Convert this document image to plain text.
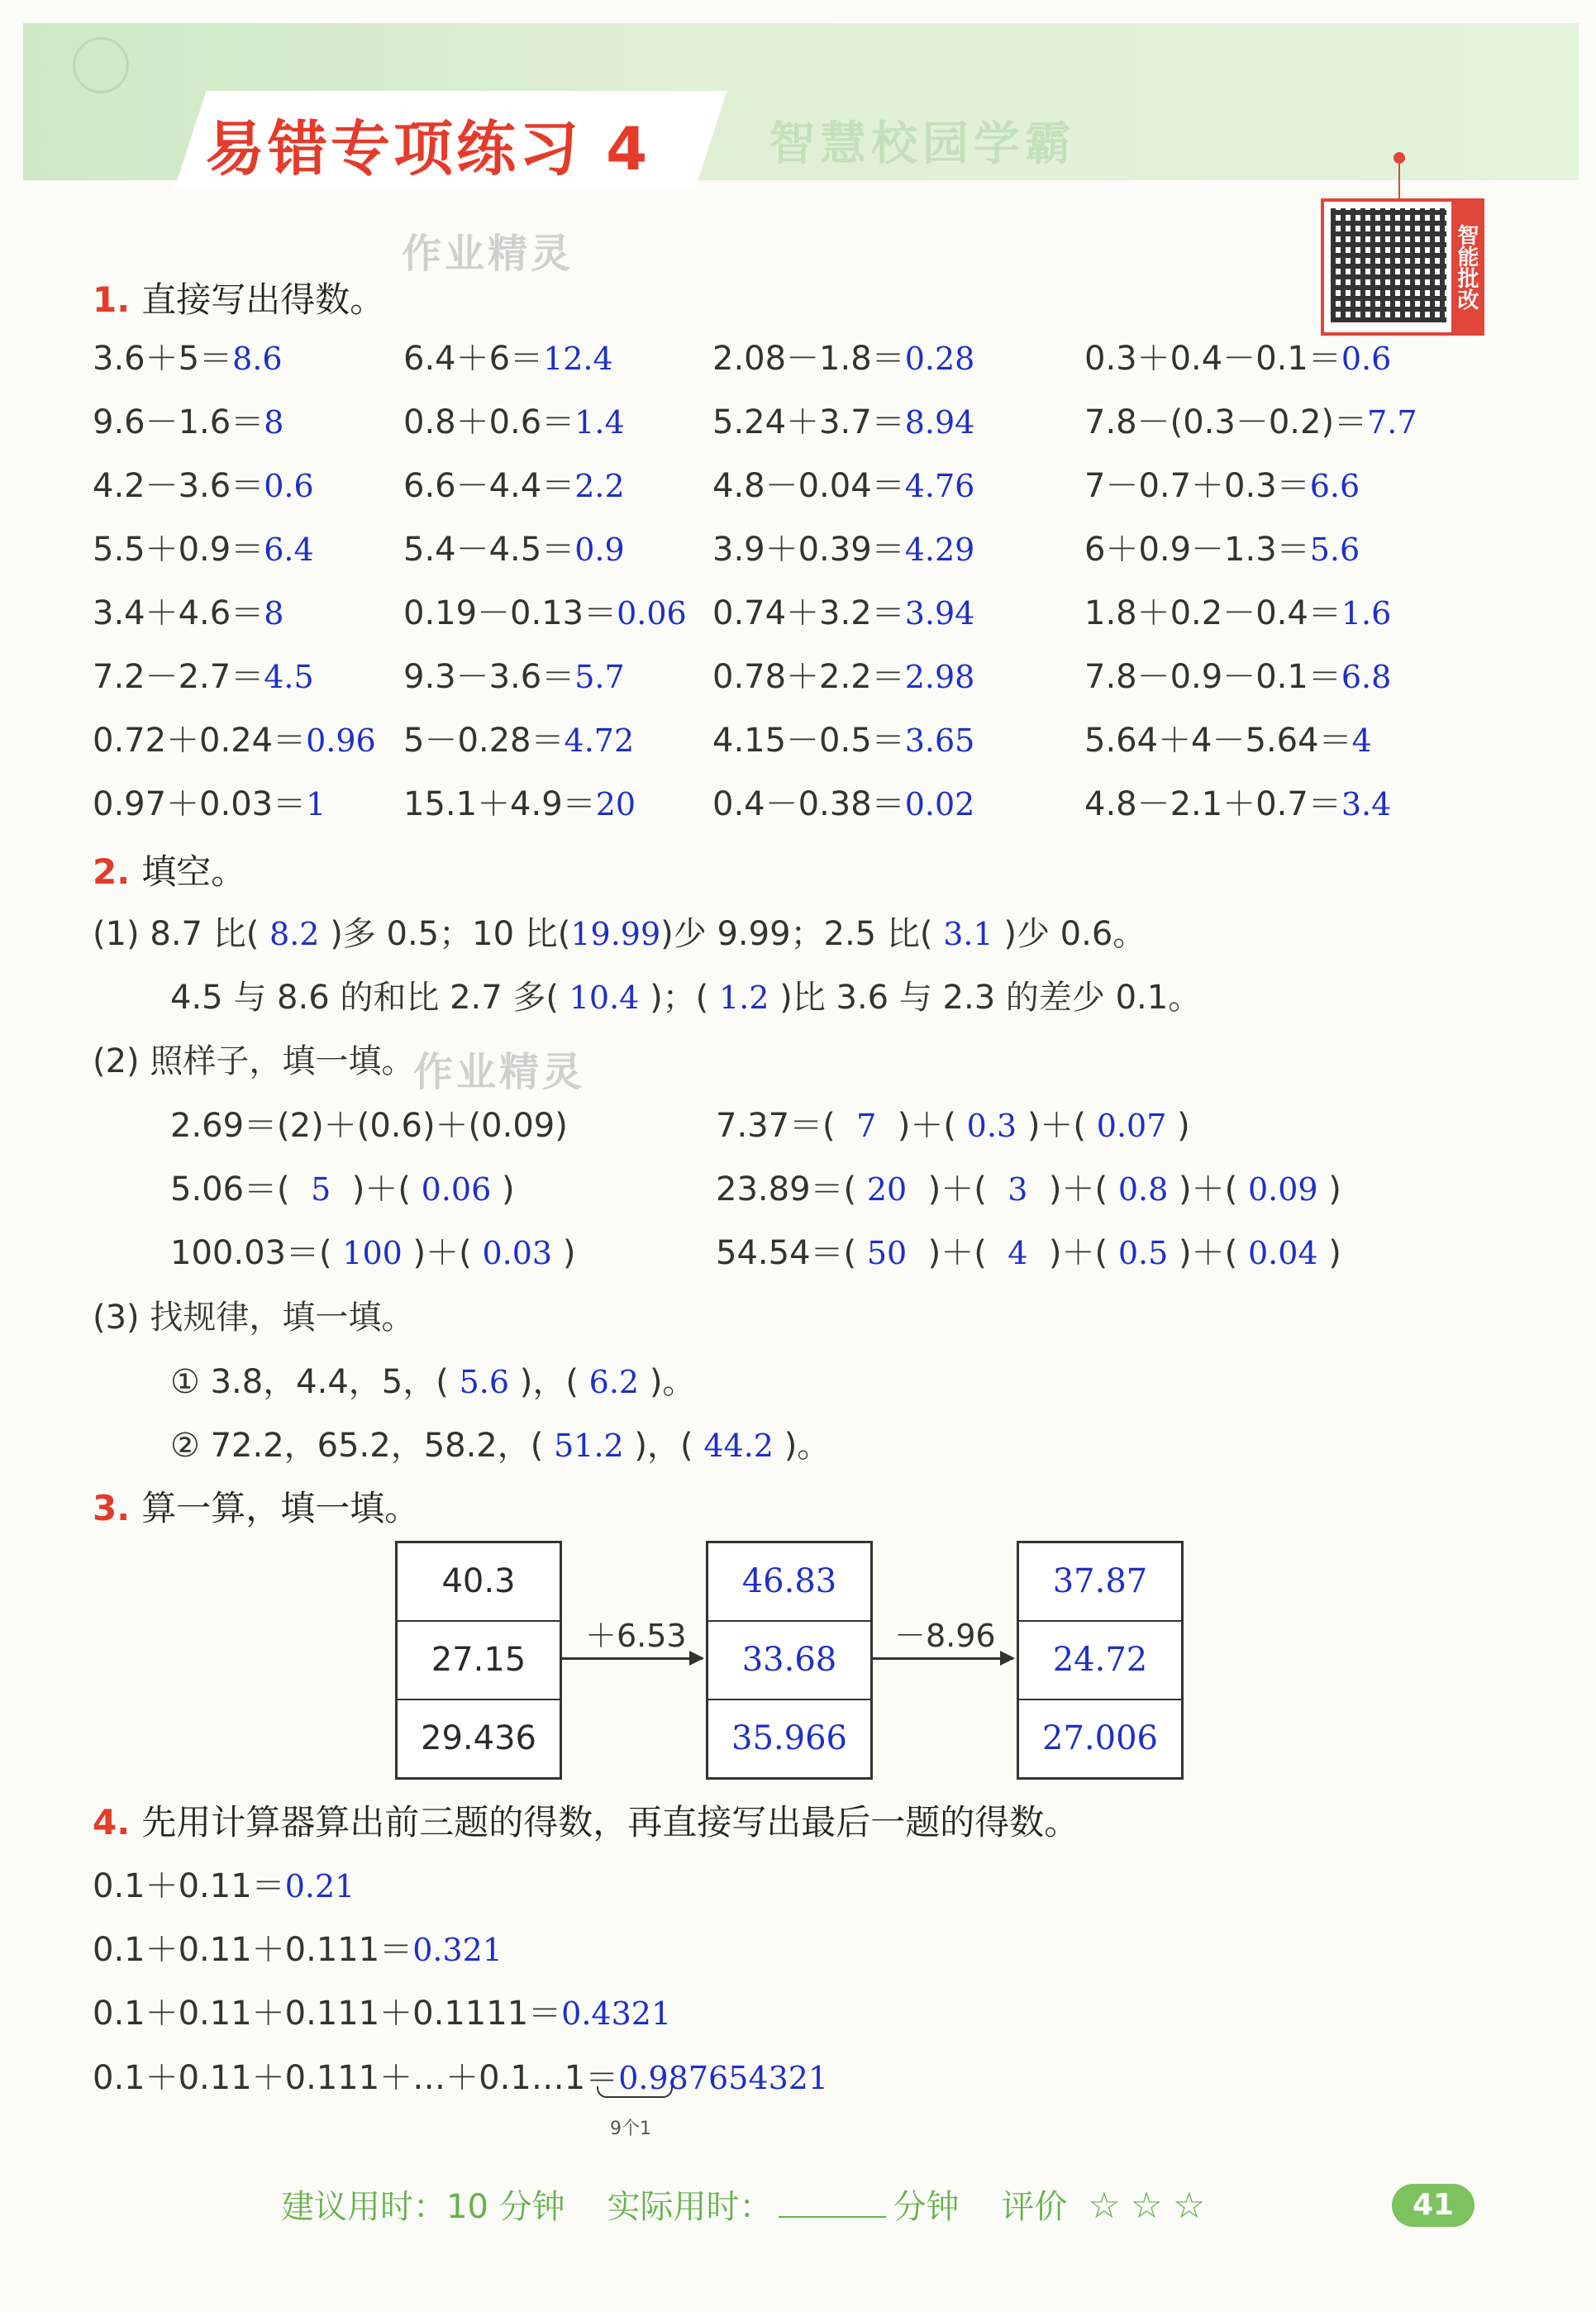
易错专项练习 4	智慧校园学霸
作业精灵
作业精灵
智能批改
1. 直接写出得数。
3.6＋5＝8.6	6.4＋6＝12.4	2.08－1.8＝0.28	0.3＋0.4－0.1＝0.6
9.6－1.6＝8	0.8＋0.6＝1.4	5.24＋3.7＝8.94	7.8－(0.3－0.2)＝7.7
4.2－3.6＝0.6	6.6－4.4＝2.2	4.8－0.04＝4.76	7－0.7＋0.3＝6.6
5.5＋0.9＝6.4	5.4－4.5＝0.9	3.9＋0.39＝4.29	6＋0.9－1.3＝5.6
3.4＋4.6＝8	0.19－0.13＝0.06 0.74＋3.2＝3.94	1.8＋0.2－0.4＝1.6
7.2－2.7＝4.5	9.3－3.6＝5.7	0.78＋2.2＝2.98	7.8－0.9－0.1＝6.8
0.72＋0.24＝0.96 5－0.28＝4.72 4.15－0.5＝3.65	5.64＋4－5.64＝4
0.97＋0.03＝1 15.1＋4.9＝20 0.4－0.38＝0.02	4.8－2.1＋0.7＝3.4
2. 填空。
(1) 8.7 比( 8.2 )多 0.5；10 比(19.99)少 9.99；2.5 比( 3.1 )少 0.6。
4.5 与 8.6 的和比 2.7 多( 10.4 )；( 1.2 )比 3.6 与 2.3 的差少 0.1。
(2) 照样子，填一填。
2.69＝(2)＋(0.6)＋(0.09)	7.37＝( 7 )＋( 0.3 )＋( 0.07 )
5.06＝( 5 )＋( 0.06 )	23.89＝( 20 )＋( 3 )＋( 0.8 )＋( 0.09 )
100.03＝( 100 )＋( 0.03 )	54.54＝( 50 )＋( 4 )＋( 0.5 )＋( 0.04 )
(3) 找规律，填一填。
① 3.8，4.4，5，( 5.6 )，( 6.2 )。
② 72.2，65.2，58.2，( 51.2 )，( 44.2 )。
3. 算一算，填一填。
40.3
27.15
29.436
＋6.53
46.83
33.68
35.966
－8.96
37.87
24.72
27.006
4. 先用计算器算出前三题的得数，再直接写出最后一题的得数。
0.1＋0.11＝0.21
0.1＋0.11＋0.111＝0.321
0.1＋0.11＋0.111＋0.1111＝0.4321
0.1＋0.11＋0.111＋…＋0.1…1＝0.987654321
9个1
建议用时：10 分钟 实际用时：	分钟 评价 ☆ ☆ ☆	41
